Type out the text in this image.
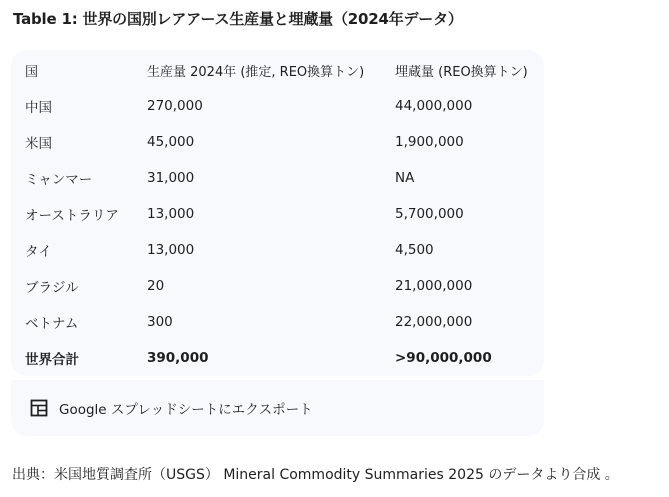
Table 1: 世界の国別レアアース生産量と埋蔵量（2024年データ）
国	生産量 2024年 (推定, REO換算トン)	埋蔵量 (REO換算トン)
中国	270,000	44,000,000
米国	45,000	1,900,000
ミャンマー	31,000	NA
オーストラリア	13,000	5,700,000
タイ	13,000	4,500
ブラジル	20	21,000,000
ベトナム	300	22,000,000
世界合計	390,000	>90,000,000
Google スプレッドシートにエクスポート
出典：米国地質調査所（USGS） Mineral Commodity Summaries 2025 のデータより合成 。
